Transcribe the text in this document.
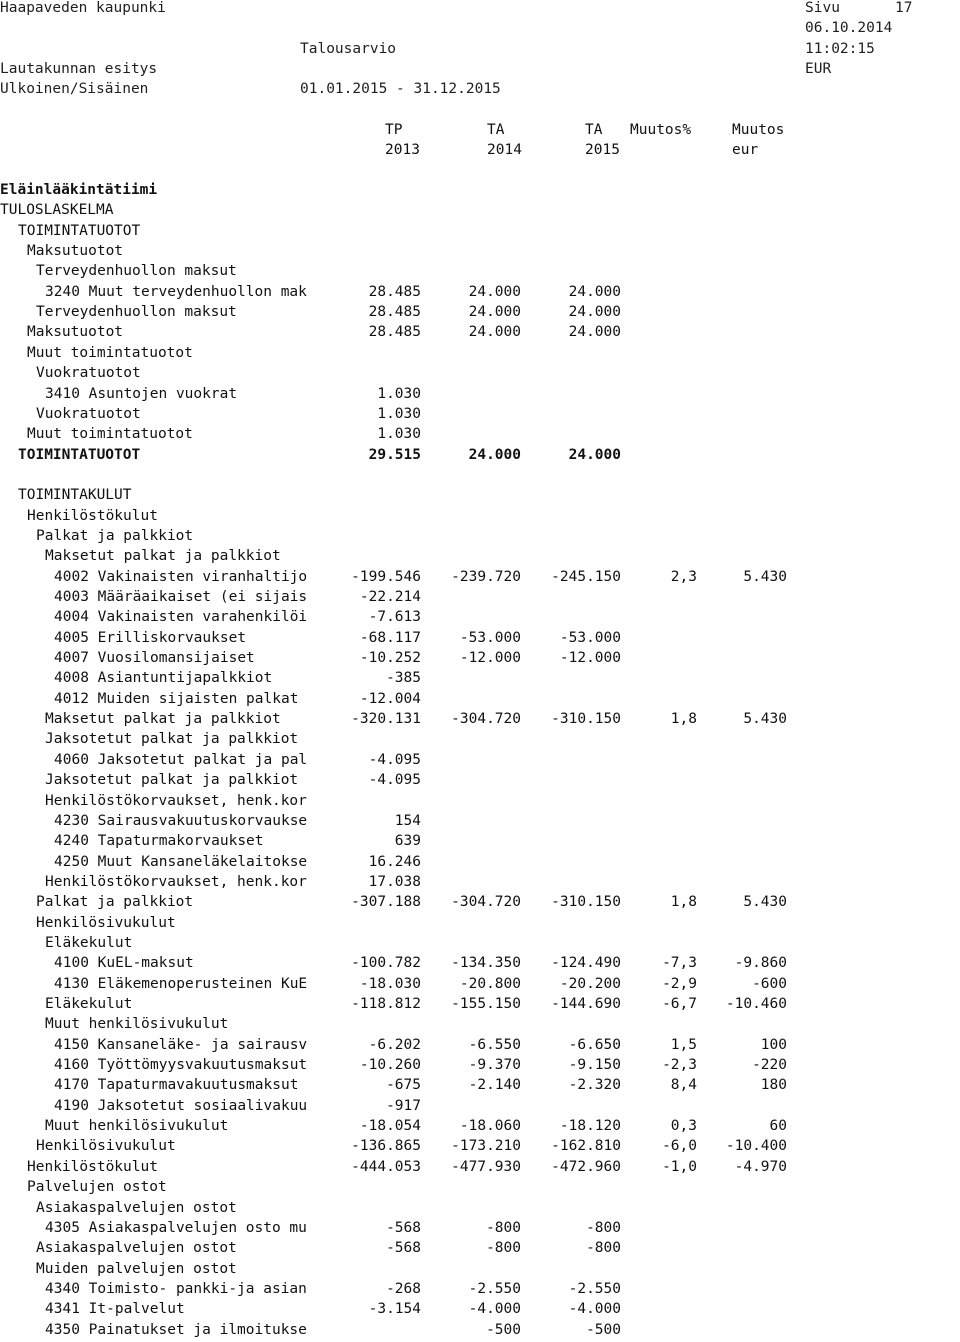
Haapaveden kaupunki
Talousarvio
Sivu	17
06.10.2014
11:02:15
EUR
Lautakunnan esitys
Ulkoinen/Sisäinen	01.01.2015 - 31.12.2015
TP
2013
TA
2014
TA
2015
Muutos%	Muutos
eur
Eläinlääkintätiimi
TULOSLASKELMA
TOIMINTATUOTOT
Maksutuotot
Terveydenhuollon maksut
3240 Muut terveydenhuollon mak	28.485	24.000	24.000
Terveydenhuollon maksut	28.485	24.000	24.000
Maksutuotot	28.485	24.000	24.000
Muut toimintatuotot
Vuokratuotot
3410 Asuntojen vuokrat	1.030
Vuokratuotot	1.030
Muut toimintatuotot	1.030
TOIMINTATUOTOT	29.515	24.000	24.000
TOIMINTAKULUT
Henkilöstökulut
Palkat ja palkkiot
Maksetut palkat ja palkkiot
4002 Vakinaisten viranhaltijo	-199.546 -239.720 -245.150	2,3	5.430
4003 Määräaikaiset (ei sijais	-22.214
4004 Vakinaisten varahenkilöi	-7.613
4005 Erilliskorvaukset	-68.117	-53.000	-53.000
4007 Vuosilomansijaiset	-10.252	-12.000	-12.000
4008 Asiantuntijapalkkiot	-385
4012 Muiden sijaisten palkat	-12.004
Maksetut palkat ja palkkiot	-320.131 -304.720 -310.150	1,8	5.430
Jaksotetut palkat ja palkkiot
4060 Jaksotetut palkat ja pal	-4.095
Jaksotetut palkat ja palkkiot	-4.095
Henkilöstökorvaukset, henk.kor
4230 Sairausvakuutuskorvaukse	154
4240 Tapaturmakorvaukset	639
4250 Muut Kansaneläkelaitokse	16.246
Henkilöstökorvaukset, henk.kor	17.038
Palkat ja palkkiot	-307.188 -304.720 -310.150	1,8	5.430
Henkilösivukulut
Eläkekulut
4100 KuEL-maksut	-100.782 -134.350 -124.490	-7,3	-9.860
4130 Eläkemenoperusteinen KuE	-18.030	-20.800	-20.200	-2,9	-600
Eläkekulut	-118.812 -155.150 -144.690	-6,7 -10.460
Muut henkilösivukulut
4150 Kansaneläke- ja sairausv	-6.202	-6.550	-6.650	1,5	100
4160 Työttömyysvakuutusmaksut	-10.260	-9.370	-9.150	-2,3	-220
4170 Tapaturmavakuutusmaksut	-675	-2.140	-2.320	8,4	180
4190 Jaksotetut sosiaalivakuu	-917
Muut henkilösivukulut	-18.054	-18.060	-18.120	0,3	60
Henkilösivukulut	-136.865 -173.210 -162.810	-6,0 -10.400
Henkilöstökulut	-444.053 -477.930 -472.960	-1,0	-4.970
Palvelujen ostot
Asiakaspalvelujen ostot
4305 Asiakaspalvelujen osto mu	-568	-800	-800
Asiakaspalvelujen ostot	-568	-800	-800
Muiden palvelujen ostot
4340 Toimisto- pankki-ja asian	-268	-2.550	-2.550
4341 It-palvelut	-3.154	-4.000	-4.000
4350 Painatukset ja ilmoitukse	-500	-500
